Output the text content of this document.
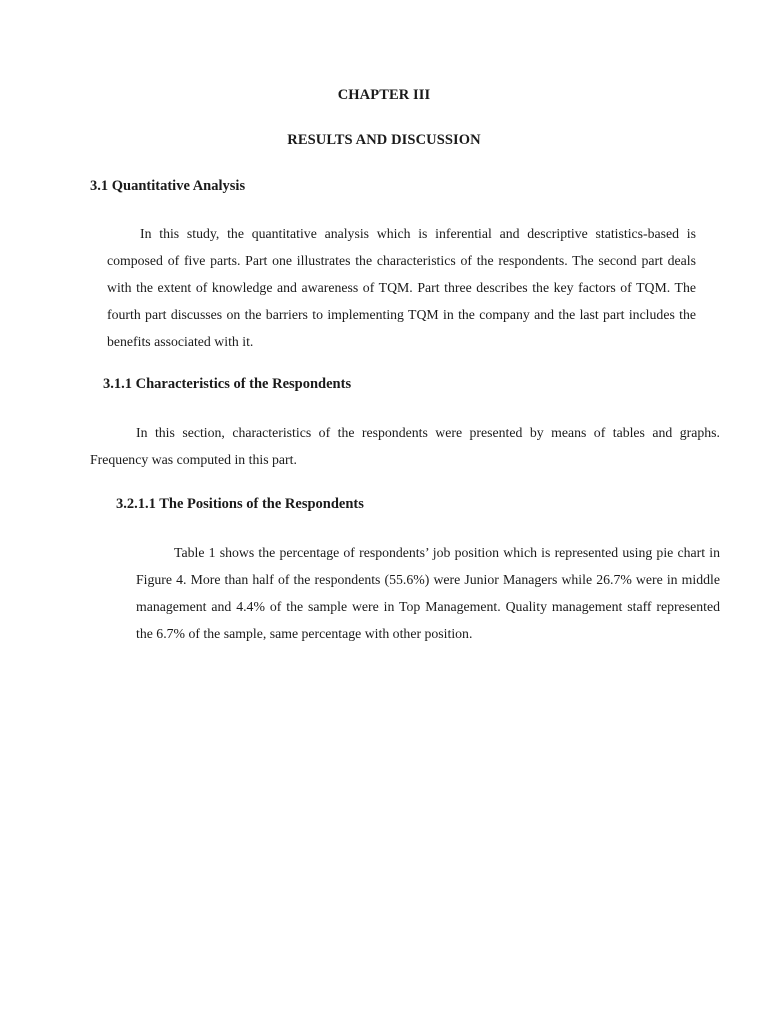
CHAPTER III
RESULTS AND DISCUSSION
3.1 Quantitative Analysis
In this study, the quantitative analysis which is inferential and descriptive statistics-based is composed of five parts. Part one illustrates the characteristics of the respondents. The second part deals with the extent of knowledge and awareness of TQM. Part three describes the key factors of TQM. The fourth part discusses on the barriers to implementing TQM in the company and the last part includes the benefits associated with it.
3.1.1 Characteristics of the Respondents
In this section, characteristics of the respondents were presented by means of tables and graphs. Frequency was computed in this part.
3.2.1.1 The Positions of the Respondents
Table 1 shows the percentage of respondents’ job position which is represented using pie chart in Figure 4. More than half of the respondents (55.6%) were Junior Managers while 26.7% were in middle management and 4.4% of the sample were in Top Management. Quality management staff represented the 6.7% of the sample, same percentage with other position.
